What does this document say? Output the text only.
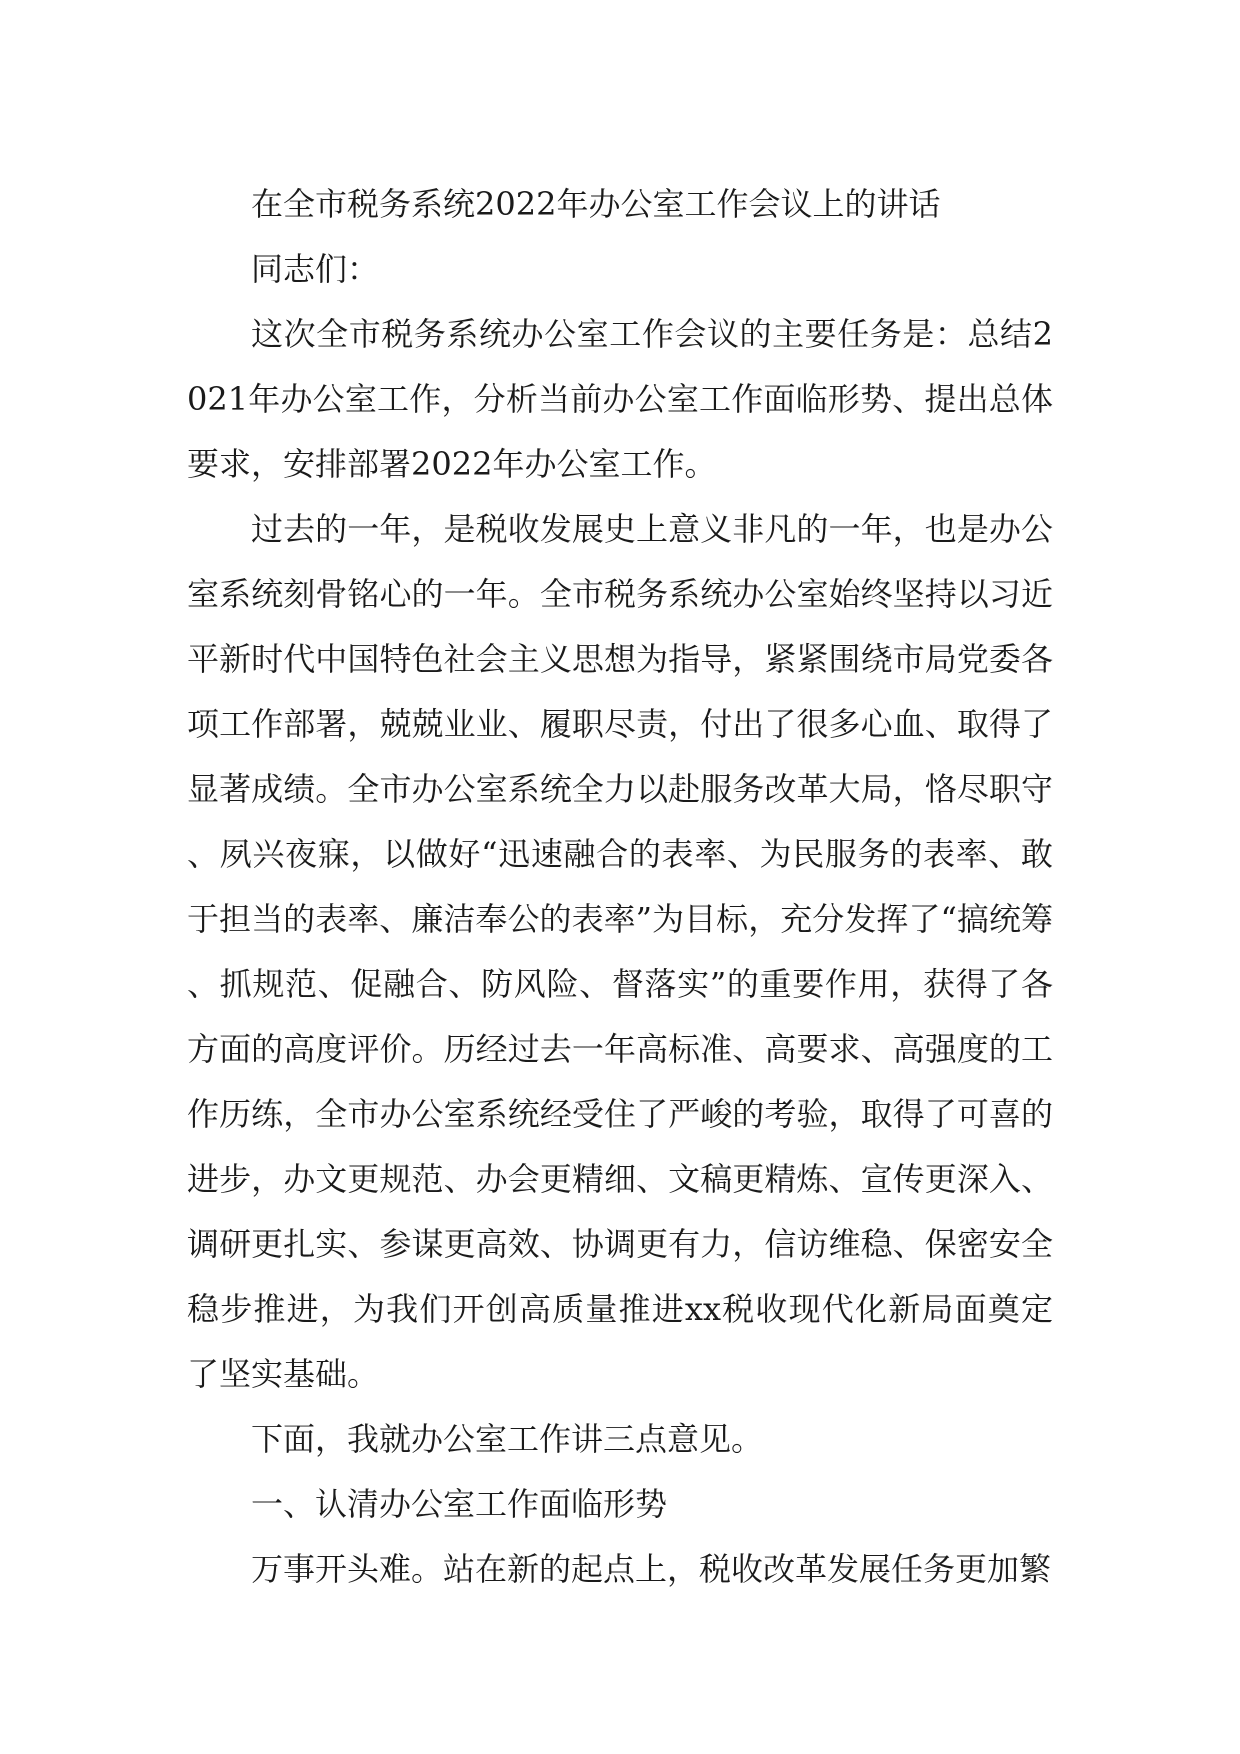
在全市税务系统2022年办公室工作会议上的讲话

同志们：

这次全市税务系统办公室工作会议的主要任务是：总结2021年办公室工作，分析当前办公室工作面临形势、提出总体要求，安排部署2022年办公室工作。

过去的一年，是税收发展史上意义非凡的一年，也是办公室系统刻骨铭心的一年。全市税务系统办公室始终坚持以习近平新时代中国特色社会主义思想为指导，紧紧围绕市局党委各项工作部署，兢兢业业、履职尽责，付出了很多心血、取得了显著成绩。全市办公室系统全力以赴服务改革大局，恪尽职守、夙兴夜寐，以做好“迅速融合的表率、为民服务的表率、敢于担当的表率、廉洁奉公的表率”为目标，充分发挥了“搞统筹、抓规范、促融合、防风险、督落实”的重要作用，获得了各方面的高度评价。历经过去一年高标准、高要求、高强度的工作历练，全市办公室系统经受住了严峻的考验，取得了可喜的进步，办文更规范、办会更精细、文稿更精炼、宣传更深入、调研更扎实、参谋更高效、协调更有力，信访维稳、保密安全稳步推进，为我们开创高质量推进xx税收现代化新局面奠定了坚实基础。

下面，我就办公室工作讲三点意见。

一、认清办公室工作面临形势

万事开头难。站在新的起点上，税收改革发展任务更加繁
